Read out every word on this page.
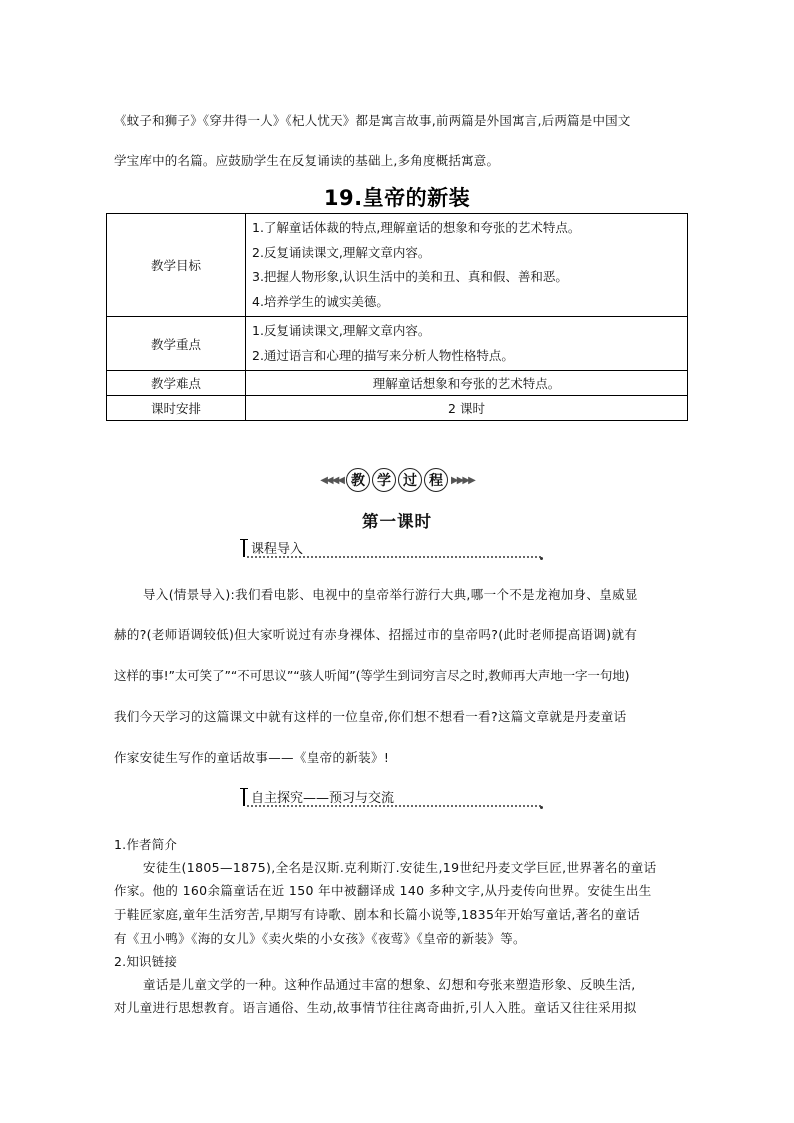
《蚊子和狮子》《穿井得一人》《杞人忧天》都是寓言故事,前两篇是外国寓言,后两篇是中国文
学宝库中的名篇。应鼓励学生在反复诵读的基础上,多角度概括寓意。
19.皇帝的新装
教学目标	1.了解童话体裁的特点,理解童话的想象和夸张的艺术特点。
2.反复诵读课文,理解文章内容。
3.把握人物形象,认识生活中的美和丑、真和假、善和恶。
4.培养学生的诚实美德。

教学重点	1.反复诵读课文,理解文章内容。
2.通过语言和心理的描写来分析人物性格特点。

教学难点	理解童话想象和夸张的艺术特点。
课时安排	2 课时
◀◀◀◀ 教 学 过 程 ▶▶▶▶
第一课时
课程导入
导入(情景导入):我们看电影、电视中的皇帝举行游行大典,哪一个不是龙袍加身、皇威显
赫的?(老师语调较低)但大家听说过有赤身裸体、招摇过市的皇帝吗?(此时老师提高语调)就有
这样的事!”太可笑了”“不可思议”“骇人听闻”(等学生到词穷言尽之时,教师再大声地一字一句地)
我们今天学习的这篇课文中就有这样的一位皇帝,你们想不想看一看?这篇文章就是丹麦童话
作家安徒生写作的童话故事——《皇帝的新装》!
自主探究——预习与交流
1.作者简介
安徒生(1805—1875),全名是汉斯.克利斯汀.安徒生,19世纪丹麦文学巨匠,世界著名的童话
作家。他的 160余篇童话在近 150 年中被翻译成 140 多种文字,从丹麦传向世界。安徒生出生
于鞋匠家庭,童年生活穷苦,早期写有诗歌、剧本和长篇小说等,1835年开始写童话,著名的童话
有《丑小鸭》《海的女儿》《卖火柴的小女孩》《夜莺》《皇帝的新装》等。
2.知识链接
童话是儿童文学的一种。这种作品通过丰富的想象、幻想和夸张来塑造形象、反映生活,
对儿童进行思想教育。语言通俗、生动,故事情节往往离奇曲折,引人入胜。童话又往往采用拟
